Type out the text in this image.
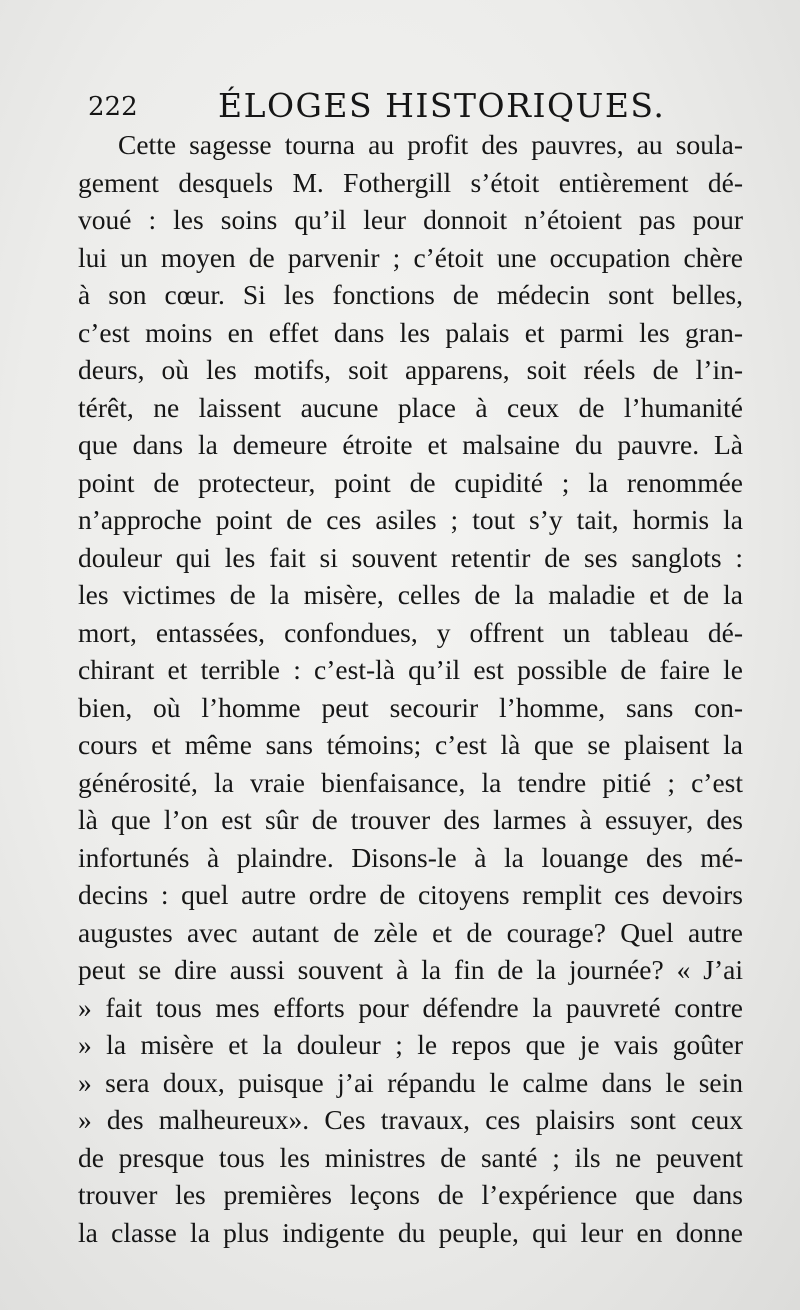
222 ÉLOGES HISTORIQUES.
Cette sagesse tourna au profit des pauvres, au soula-
gement desquels M. Fothergill s’étoit entièrement dé-
voué : les soins qu’il leur donnoit n’étoient pas pour
lui un moyen de parvenir ; c’étoit une occupation chère
à son cœur. Si les fonctions de médecin sont belles,
c’est moins en effet dans les palais et parmi les gran-
deurs, où les motifs, soit apparens, soit réels de l’in-
térêt, ne laissent aucune place à ceux de l’humanité
que dans la demeure étroite et malsaine du pauvre. Là
point de protecteur, point de cupidité ; la renommée
n’approche point de ces asiles ; tout s’y tait, hormis la
douleur qui les fait si souvent retentir de ses sanglots :
les victimes de la misère, celles de la maladie et de la
mort, entassées, confondues, y offrent un tableau dé-
chirant et terrible : c’est-là qu’il est possible de faire le
bien, où l’homme peut secourir l’homme, sans con-
cours et même sans témoins; c’est là que se plaisent la
générosité, la vraie bienfaisance, la tendre pitié ; c’est
là que l’on est sûr de trouver des larmes à essuyer, des
infortunés à plaindre. Disons-le à la louange des mé-
decins : quel autre ordre de citoyens remplit ces devoirs
augustes avec autant de zèle et de courage? Quel autre
peut se dire aussi souvent à la fin de la journée? « J’ai
» fait tous mes efforts pour défendre la pauvreté contre
» la misère et la douleur ; le repos que je vais goûter
» sera doux, puisque j’ai répandu le calme dans le sein
» des malheureux». Ces travaux, ces plaisirs sont ceux
de presque tous les ministres de santé ; ils ne peuvent
trouver les premières leçons de l’expérience que dans
la classe la plus indigente du peuple, qui leur en donne
